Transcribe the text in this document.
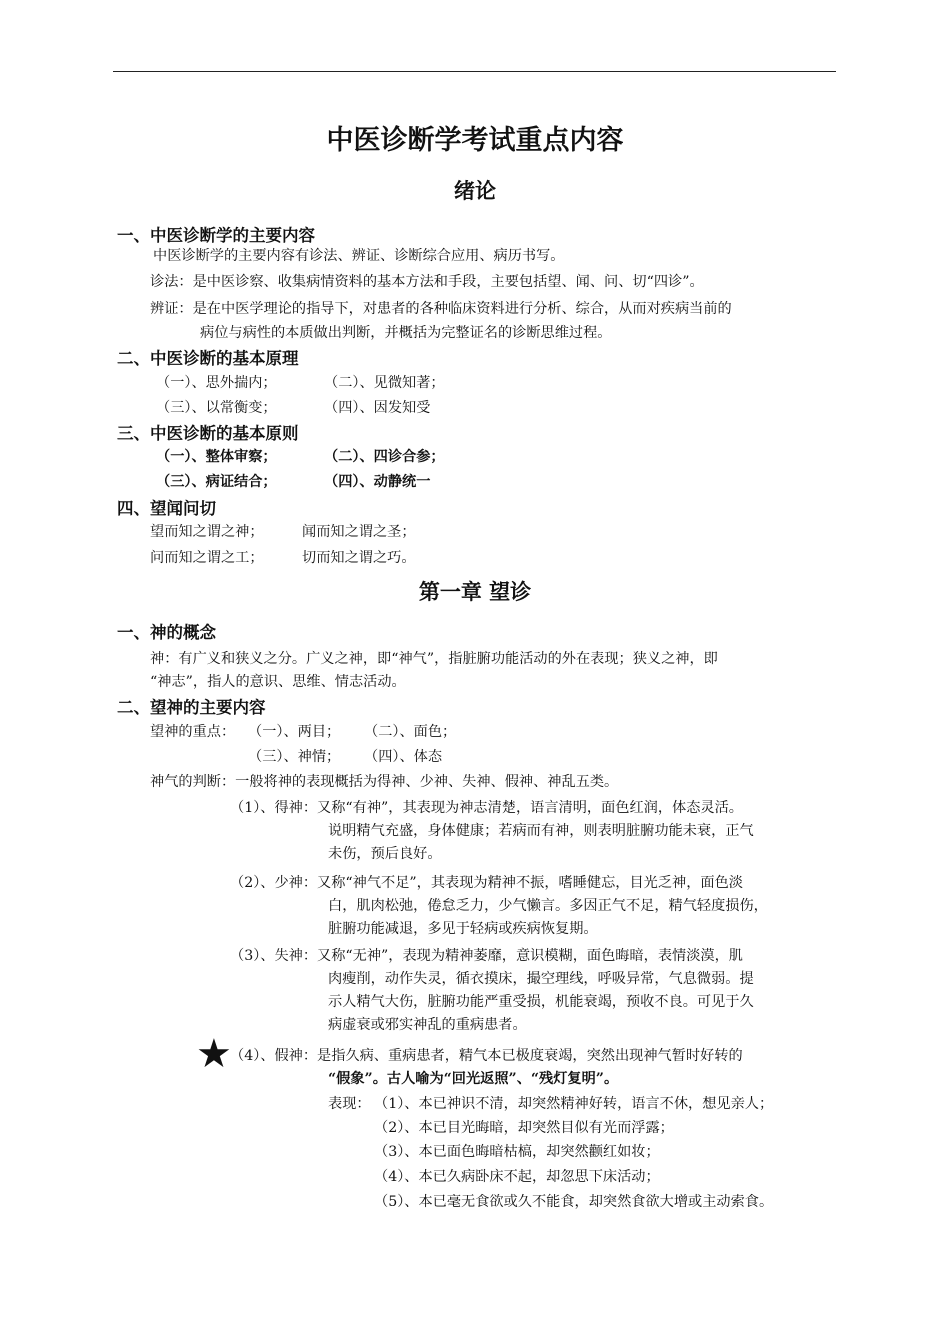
中医诊断学考试重点内容
绪论
一、中医诊断学的主要内容
中医诊断学的主要内容有诊法、辨证、诊断综合应用、病历书写。
诊法：是中医诊察、收集病情资料的基本方法和手段，主要包括望、闻、问、切“四诊”。
辨证：是在中医学理论的指导下，对患者的各种临床资料进行分析、综合，从而对疾病当前的
病位与病性的本质做出判断，并概括为完整证名的诊断思维过程。
二、中医诊断的基本原理
（一）、思外揣内；	（二）、见微知著；
（三）、以常衡变；	（四）、因发知受
三、中医诊断的基本原则
（一）、整体审察；	（二）、四诊合参；
（三）、病证结合；	（四）、动静统一
四、望闻问切
望而知之谓之神；	闻而知之谓之圣；
问而知之谓之工；	切而知之谓之巧。
第一章 望诊
一、神的概念
神：有广义和狭义之分。广义之神，即“神气”，指脏腑功能活动的外在表现；狭义之神，即
“神志”，指人的意识、思维、情志活动。
二、望神的主要内容
望神的重点： （一）、两目； （二）、面色；
（三）、神情； （四）、体态
神气的判断：一般将神的表现概括为得神、少神、失神、假神、神乱五类。
（1）、得神：又称“有神”，其表现为神志清楚，语言清明，面色红润，体态灵活。
说明精气充盛，身体健康；若病而有神，则表明脏腑功能未衰，正气
未伤，预后良好。
（2）、少神：又称“神气不足”，其表现为精神不振，嗜睡健忘，目光乏神，面色淡
白，肌肉松弛，倦怠乏力，少气懒言。多因正气不足，精气轻度损伤，
脏腑功能减退，多见于轻病或疾病恢复期。
（3）、失神：又称“无神”，表现为精神萎靡，意识模糊，面色晦暗，表情淡漠，肌
肉瘦削，动作失灵，循衣摸床，撮空理线，呼吸异常，气息微弱。提
示人精气大伤，脏腑功能严重受损，机能衰竭，预收不良。可见于久
病虚衰或邪实神乱的重病患者。
★
（4）、假神：是指久病、重病患者，精气本已极度衰竭，突然出现神气暂时好转的
“假象”。古人喻为“回光返照”、“残灯复明”。
表现： （1）、本已神识不清，却突然精神好转，语言不休，想见亲人；
（2）、本已目光晦暗，却突然目似有光而浮露；
（3）、本已面色晦暗枯槁，却突然颧红如妆；
（4）、本已久病卧床不起，却忽思下床活动；
（5）、本已毫无食欲或久不能食，却突然食欲大增或主动索食。
